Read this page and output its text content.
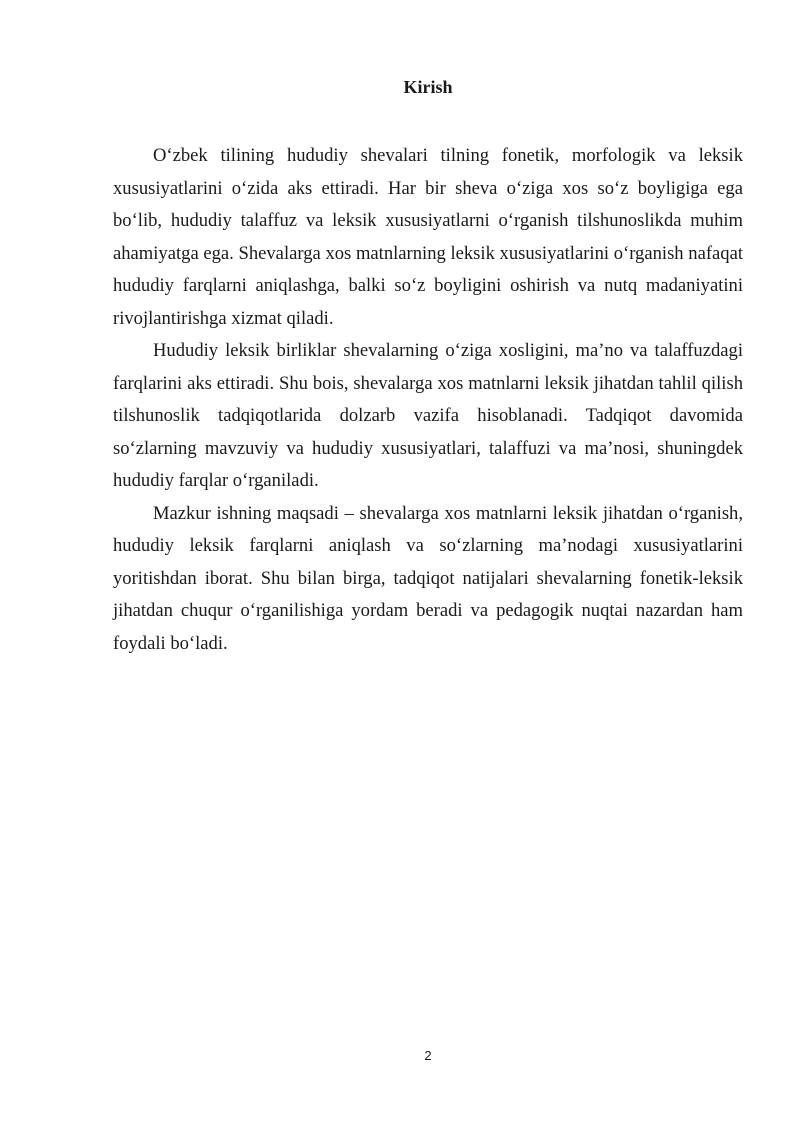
Kirish

O‘zbek tilining hududiy shevalari tilning fonetik, morfologik va leksik xususiyatlarini o‘zida aks ettiradi. Har bir sheva o‘ziga xos so‘z boyligiga ega bo‘lib, hududiy talaffuz va leksik xususiyatlarni o‘rganish tilshunoslikda muhim ahamiyatga ega. Shevalarga xos matnlarning leksik xususiyatlarini o‘rganish nafaqat hududiy farqlarni aniqlashga, balki so‘z boyligini oshirish va nutq madaniyatini rivojlantirishga xizmat qiladi.

Hududiy leksik birliklar shevalarning o‘ziga xosligini, ma’no va talaffuzdagi farqlarini aks ettiradi. Shu bois, shevalarga xos matnlarni leksik jihatdan tahlil qilish tilshunoslik tadqiqotlarida dolzarb vazifa hisoblanadi. Tadqiqot davomida so‘zlarning mavzuviy va hududiy xususiyatlari, talaffuzi va ma’nosi, shuningdek hududiy farqlar o‘rganiladi.

Mazkur ishning maqsadi – shevalarga xos matnlarni leksik jihatdan o‘rganish, hududiy leksik farqlarni aniqlash va so‘zlarning ma’nodagi xususiyatlarini yoritishdan iborat. Shu bilan birga, tadqiqot natijalari shevalarning fonetik-leksik jihatdan chuqur o‘rganilishiga yordam beradi va pedagogik nuqtai nazardan ham foydali bo‘ladi.

2
